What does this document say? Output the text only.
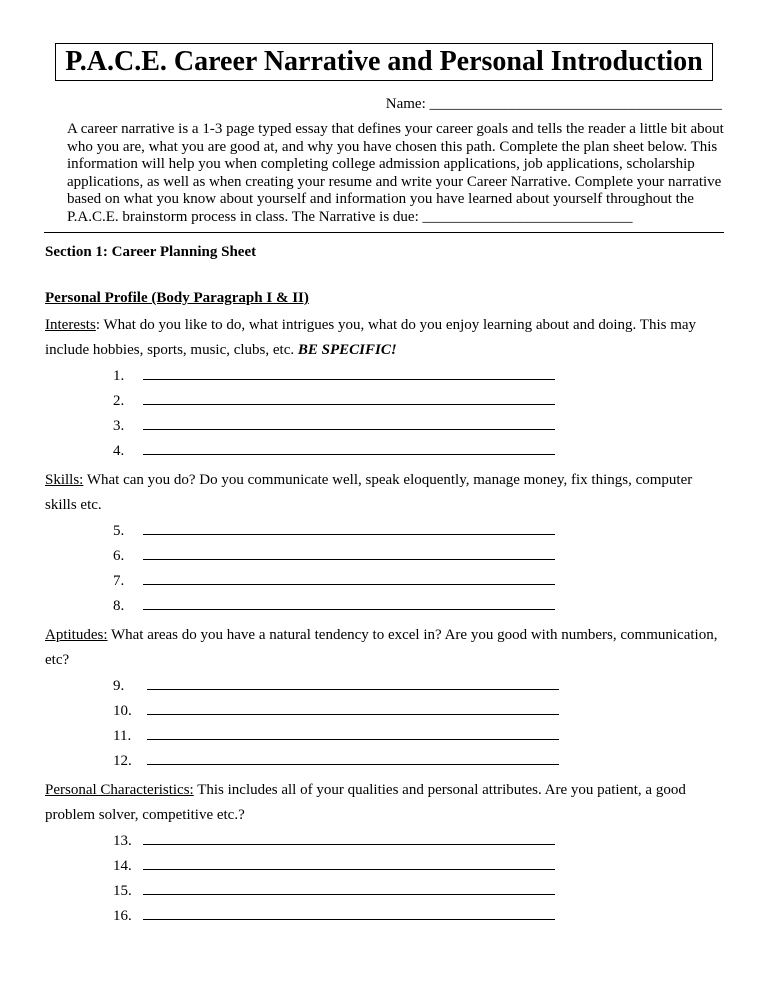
P.A.C.E. Career Narrative and Personal Introduction
Name: _______________________________________

A career narrative is a 1-3 page typed essay that defines your career goals and tells the reader a little bit about who you are, what you are good at, and why you have chosen this path. Complete the plan sheet below. This information will help you when completing college admission applications, job applications, scholarship applications, as well as when creating your resume and write your Career Narrative. Complete your narrative based on what you know about yourself and information you have learned about yourself throughout the P.A.C.E. brainstorm process in class. The Narrative is due: ____________________________

Section 1: Career Planning Sheet
Personal Profile (Body Paragraph I & II)

Interests: What do you like to do, what intrigues you, what do you enjoy learning about and doing. This may include hobbies, sports, music, clubs, etc. BE SPECIFIC!

1.
2.
3.
4.

Skills: What can you do? Do you communicate well, speak eloquently, manage money, fix things, computer skills etc.

5.
6.
7.
8.

Aptitudes: What areas do you have a natural tendency to excel in? Are you good with numbers, communication, etc?

9.
10.
11.
12.

Personal Characteristics: This includes all of your qualities and personal attributes. Are you patient, a good problem solver, competitive etc.?

13.
14.
15.
16.
